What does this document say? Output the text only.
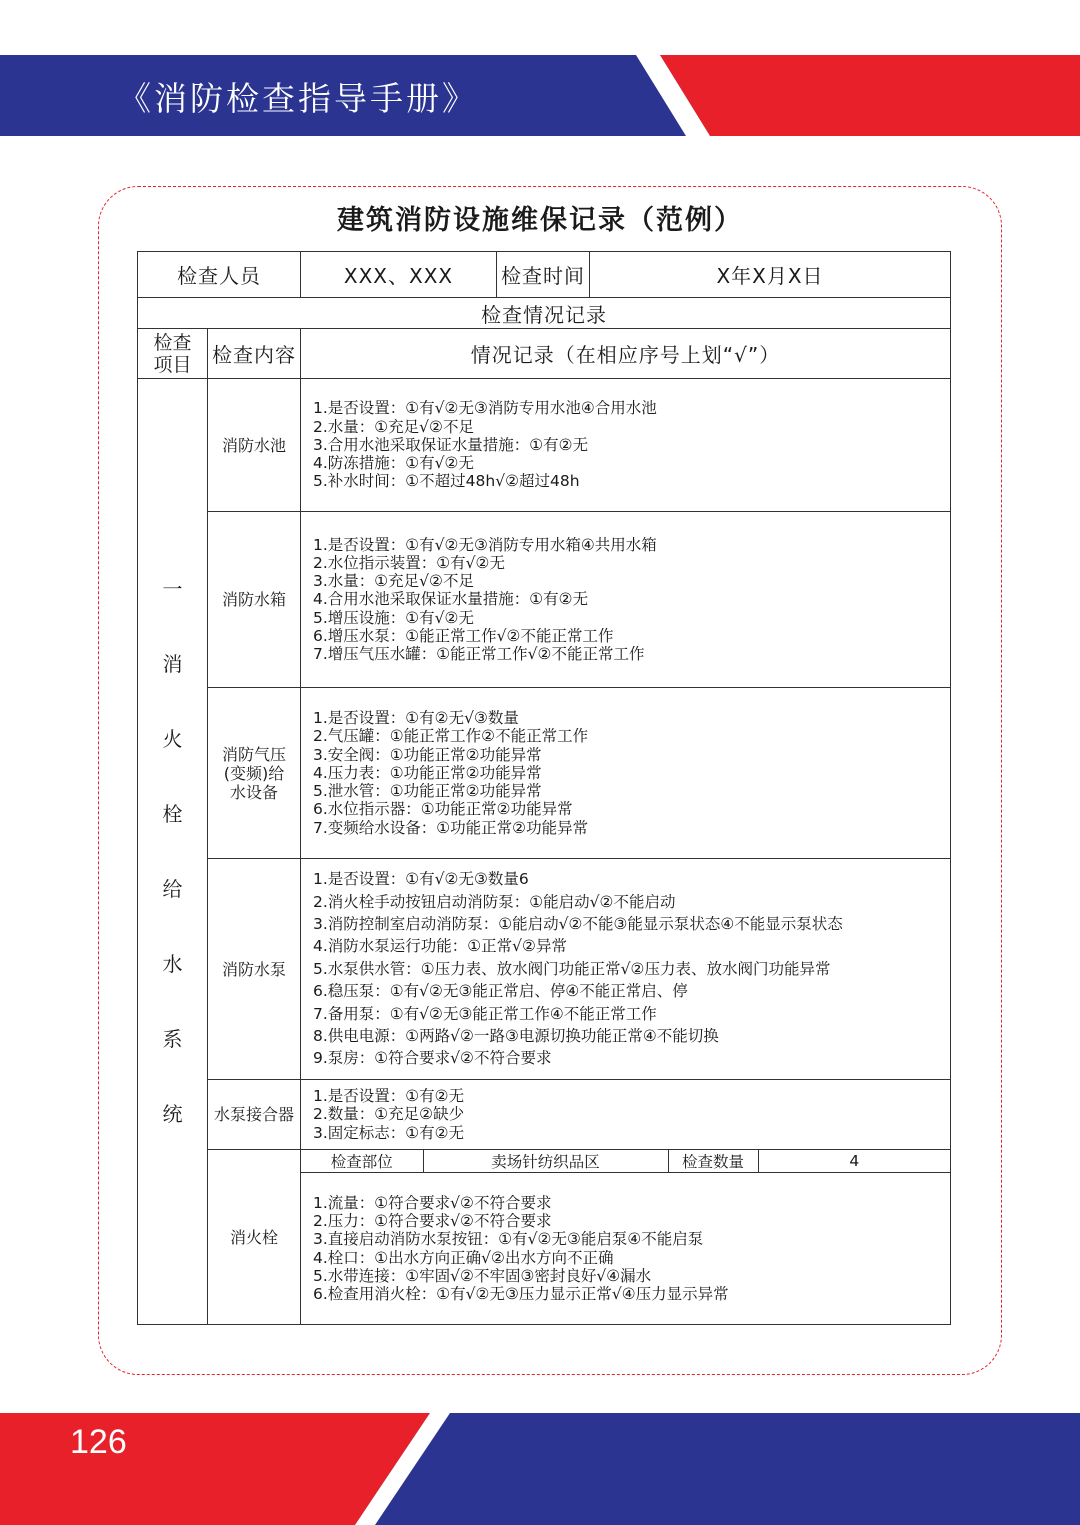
《消防检查指导手册》
建筑消防设施维保记录（范例）
检查人员	XXX、XXX	检查时间	X年X月X日
检查情况记录

检查
项目	检查内容	情况记录（在相应序号上划“√”）

一
消
火
栓
给
水
系
统
	消防水池	
1.是否设置：①有√②无③消防专用水池④合用水池
2.水量：①充足√②不足
3.合用水池采取保证水量措施：①有②无
4.防冻措施：①有√②无
5.补水时间：①不超过48h√②超过48h

消防水箱	
1.是否设置：①有√②无③消防专用水箱④共用水箱
2.水位指示装置：①有√②无
3.水量：①充足√②不足
4.合用水池采取保证水量措施：①有②无
5.增压设施：①有√②无
6.增压水泵：①能正常工作√②不能正常工作
7.增压气压水罐：①能正常工作√②不能正常工作

消防气压
(变频)给
水设备

1.是否设置：①有②无√③数量
2.气压罐：①能正常工作②不能正常工作
3.安全阀：①功能正常②功能异常
4.压力表：①功能正常②功能异常
5.泄水管：①功能正常②功能异常
6.水位指示器：①功能正常②功能异常
7.变频给水设备：①功能正常②功能异常

消防水泵	
1.是否设置：①有√②无③数量6
2.消火栓手动按钮启动消防泵：①能启动√②不能启动
3.消防控制室启动消防泵：①能启动√②不能③能显示泵状态④不能显示泵状态
4.消防水泵运行功能：①正常√②异常
5.水泵供水管：①压力表、放水阀门功能正常√②压力表、放水阀门功能异常
6.稳压泵：①有√②无③能正常启、停④不能正常启、停
7.备用泵：①有√②无③能正常工作④不能正常工作
8.供电电源：①两路√②一路③电源切换功能正常④不能切换
9.泵房：①符合要求√②不符合要求

水泵接合器	
1.是否设置：①有②无
2.数量：①充足②缺少
3.固定标志：①有②无

消火栓	
检查部位	卖场针纺织品区	检查数量	4

1.流量：①符合要求√②不符合要求
2.压力：①符合要求√②不符合要求
3.直接启动消防水泵按钮：①有√②无③能启泵④不能启泵
4.栓口：①出水方向正确√②出水方向不正确
5.水带连接：①牢固√②不牢固③密封良好√④漏水
6.检查用消火栓：①有√②无③压力显示正常√④压力显示异常
126
